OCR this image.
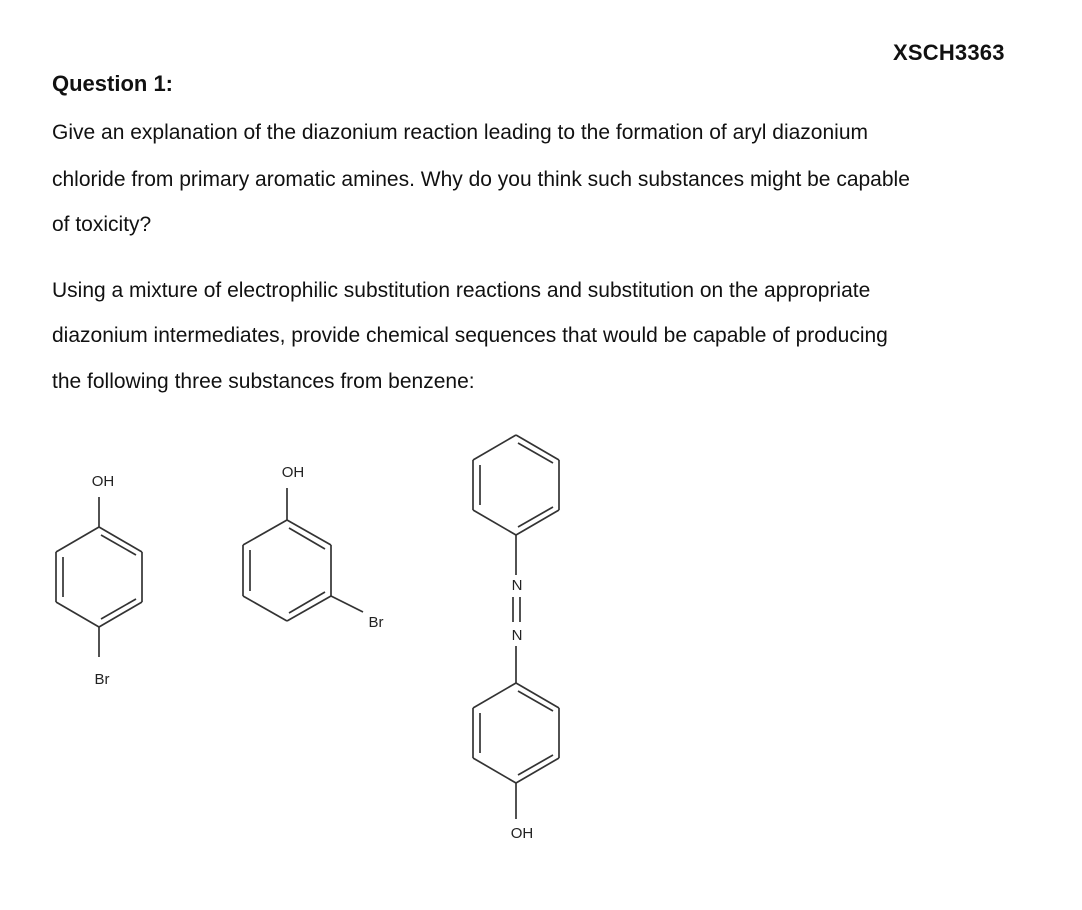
XSCH3363
Question 1:
Give an explanation of the diazonium reaction leading to the formation of aryl diazonium
chloride from primary aromatic amines. Why do you think such substances might be capable
of toxicity?
Using a mixture of electrophilic substitution reactions and substitution on the appropriate
diazonium intermediates, provide chemical sequences that would be capable of producing
the following three substances from benzene:
OH
Br
OH
Br
N
N
OH
